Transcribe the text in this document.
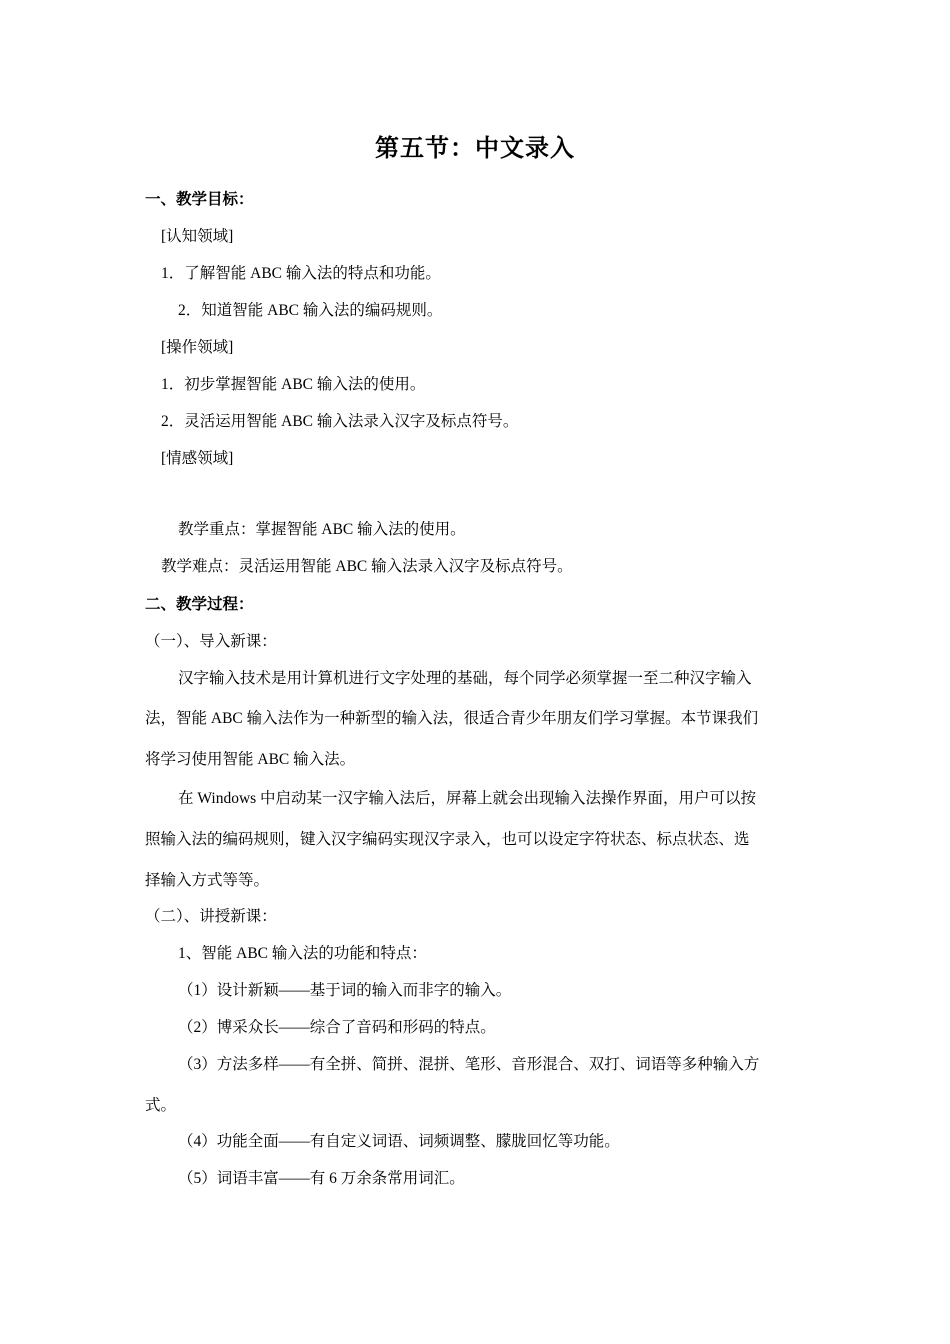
第五节：中文录入
一、教学目标：
[认知领域]
1．了解智能 ABC 输入法的特点和功能。
2．知道智能 ABC 输入法的编码规则。
[操作领域]
1．初步掌握智能 ABC 输入法的使用。
2．灵活运用智能 ABC 输入法录入汉字及标点符号。
[情感领域]
教学重点：掌握智能 ABC 输入法的使用。
教学难点：灵活运用智能 ABC 输入法录入汉字及标点符号。
二、教学过程：
（一）、导入新课：
汉字输入技术是用计算机进行文字处理的基础，每个同学必须掌握一至二种汉字输入
法，智能 ABC 输入法作为一种新型的输入法，很适合青少年朋友们学习掌握。本节课我们
将学习使用智能 ABC 输入法。
在 Windows 中启动某一汉字输入法后，屏幕上就会出现输入法操作界面，用户可以按
照输入法的编码规则，键入汉字编码实现汉字录入，也可以设定字符状态、标点状态、选
择输入方式等等。
（二）、讲授新课：
1、智能 ABC 输入法的功能和特点：
（1）设计新颖——基于词的输入而非字的输入。
（2）博采众长——综合了音码和形码的特点。
（3）方法多样——有全拼、简拼、混拼、笔形、音形混合、双打、词语等多种输入方
式。
（4）功能全面——有自定义词语、词频调整、朦胧回忆等功能。
（5）词语丰富——有 6 万余条常用词汇。
